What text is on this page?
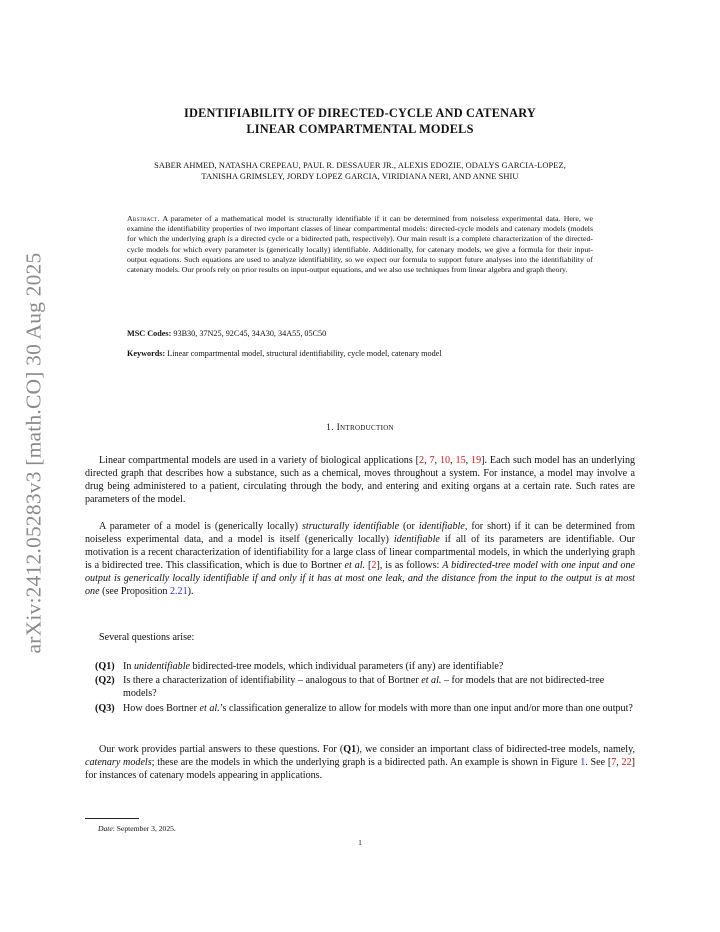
arXiv:2412.05283v3 [math.CO] 30 Aug 2025
IDENTIFIABILITY OF DIRECTED-CYCLE AND CATENARY
LINEAR COMPARTMENTAL MODELS
SABER AHMED, NATASHA CREPEAU, PAUL R. DESSAUER JR., ALEXIS EDOZIE, ODALYS GARCIA-LOPEZ,
TANISHA GRIMSLEY, JORDY LOPEZ GARCIA, VIRIDIANA NERI, AND ANNE SHIU
Abstract. A parameter of a mathematical model is structurally identifiable if it can be determined from noiseless experimental data. Here, we examine the identifiability properties of two important classes of linear compartmental models: directed-cycle models and catenary models (models for which the underlying graph is a directed cycle or a bidirected path, respectively). Our main result is a complete characterization of the directed-cycle models for which every parameter is (generically locally) identifiable. Additionally, for catenary models, we give a formula for their input-output equations. Such equations are used to analyze identifiability, so we expect our formula to support future analyses into the identifiability of catenary models. Our proofs rely on prior results on input-output equations, and we also use techniques from linear algebra and graph theory.
MSC Codes: 93B30, 37N25, 92C45, 34A30, 34A55, 05C50
Keywords: Linear compartmental model, structural identifiability, cycle model, catenary model
1. Introduction
Linear compartmental models are used in a variety of biological applications [2, 7, 10, 15, 19]. Each such model has an underlying directed graph that describes how a substance, such as a chemical, moves throughout a system. For instance, a model may involve a drug being administered to a patient, circulating through the body, and entering and exiting organs at a certain rate. Such rates are parameters of the model.
A parameter of a model is (generically locally) structurally identifiable (or identifiable, for short) if it can be determined from noiseless experimental data, and a model is itself (generically locally) identifiable if all of its parameters are identifiable. Our motivation is a recent characterization of identifiability for a large class of linear compartmental models, in which the underlying graph is a bidirected tree. This classification, which is due to Bortner et al. [2], is as follows: A bidirected-tree model with one input and one output is generically locally identifiable if and only if it has at most one leak, and the distance from the input to the output is at most one (see Proposition 2.21).
Several questions arise:
(Q1) In unidentifiable bidirected-tree models, which individual parameters (if any) are identifiable?
(Q2) Is there a characterization of identifiability – analogous to that of Bortner et al. – for models that are not bidirected-tree models?
(Q3) How does Bortner et al.’s classification generalize to allow for models with more than one input and/or more than one output?
Our work provides partial answers to these questions. For (Q1), we consider an important class of bidirected-tree models, namely, catenary models; these are the models in which the underlying graph is a bidirected path. An example is shown in Figure 1. See [7, 22] for instances of catenary models appearing in applications.
Date: September 3, 2025.
1
